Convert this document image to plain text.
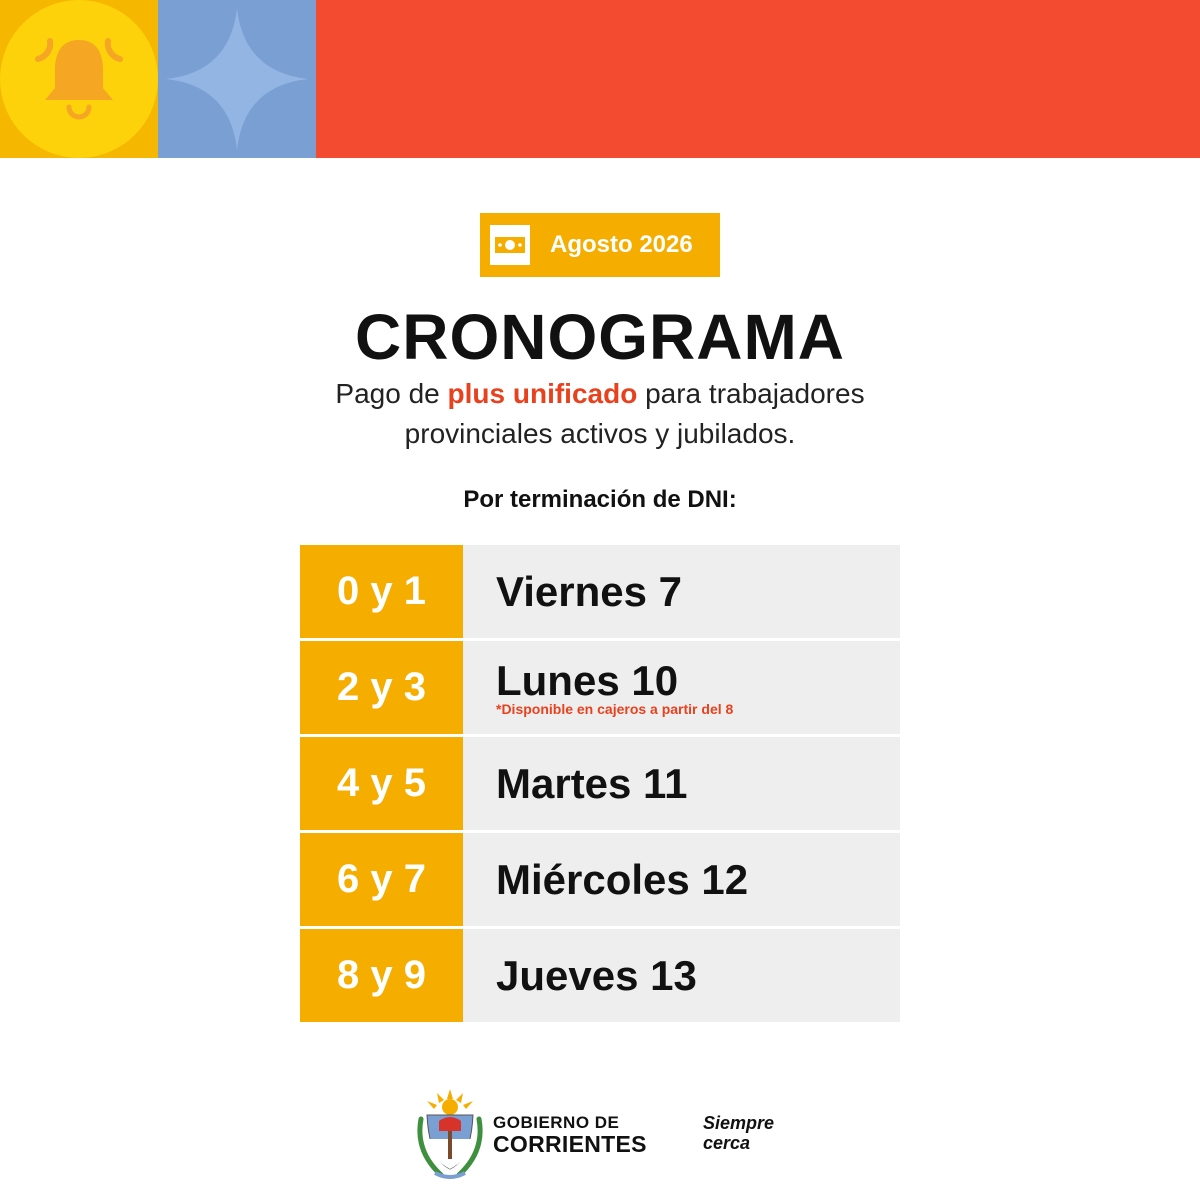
Agosto 2026
CRONOGRAMA
Pago de plus unificado para trabajadores provinciales activos y jubilados.
Por terminación de DNI:
0 y 1	Viernes 7
2 y 3	Lunes 10
*Disponible en cajeros a partir del 8
4 y 5	Martes 11
6 y 7	Miércoles 12
8 y 9	Jueves 13
GOBIERNO DE
CORRIENTES
Siempre cerca
